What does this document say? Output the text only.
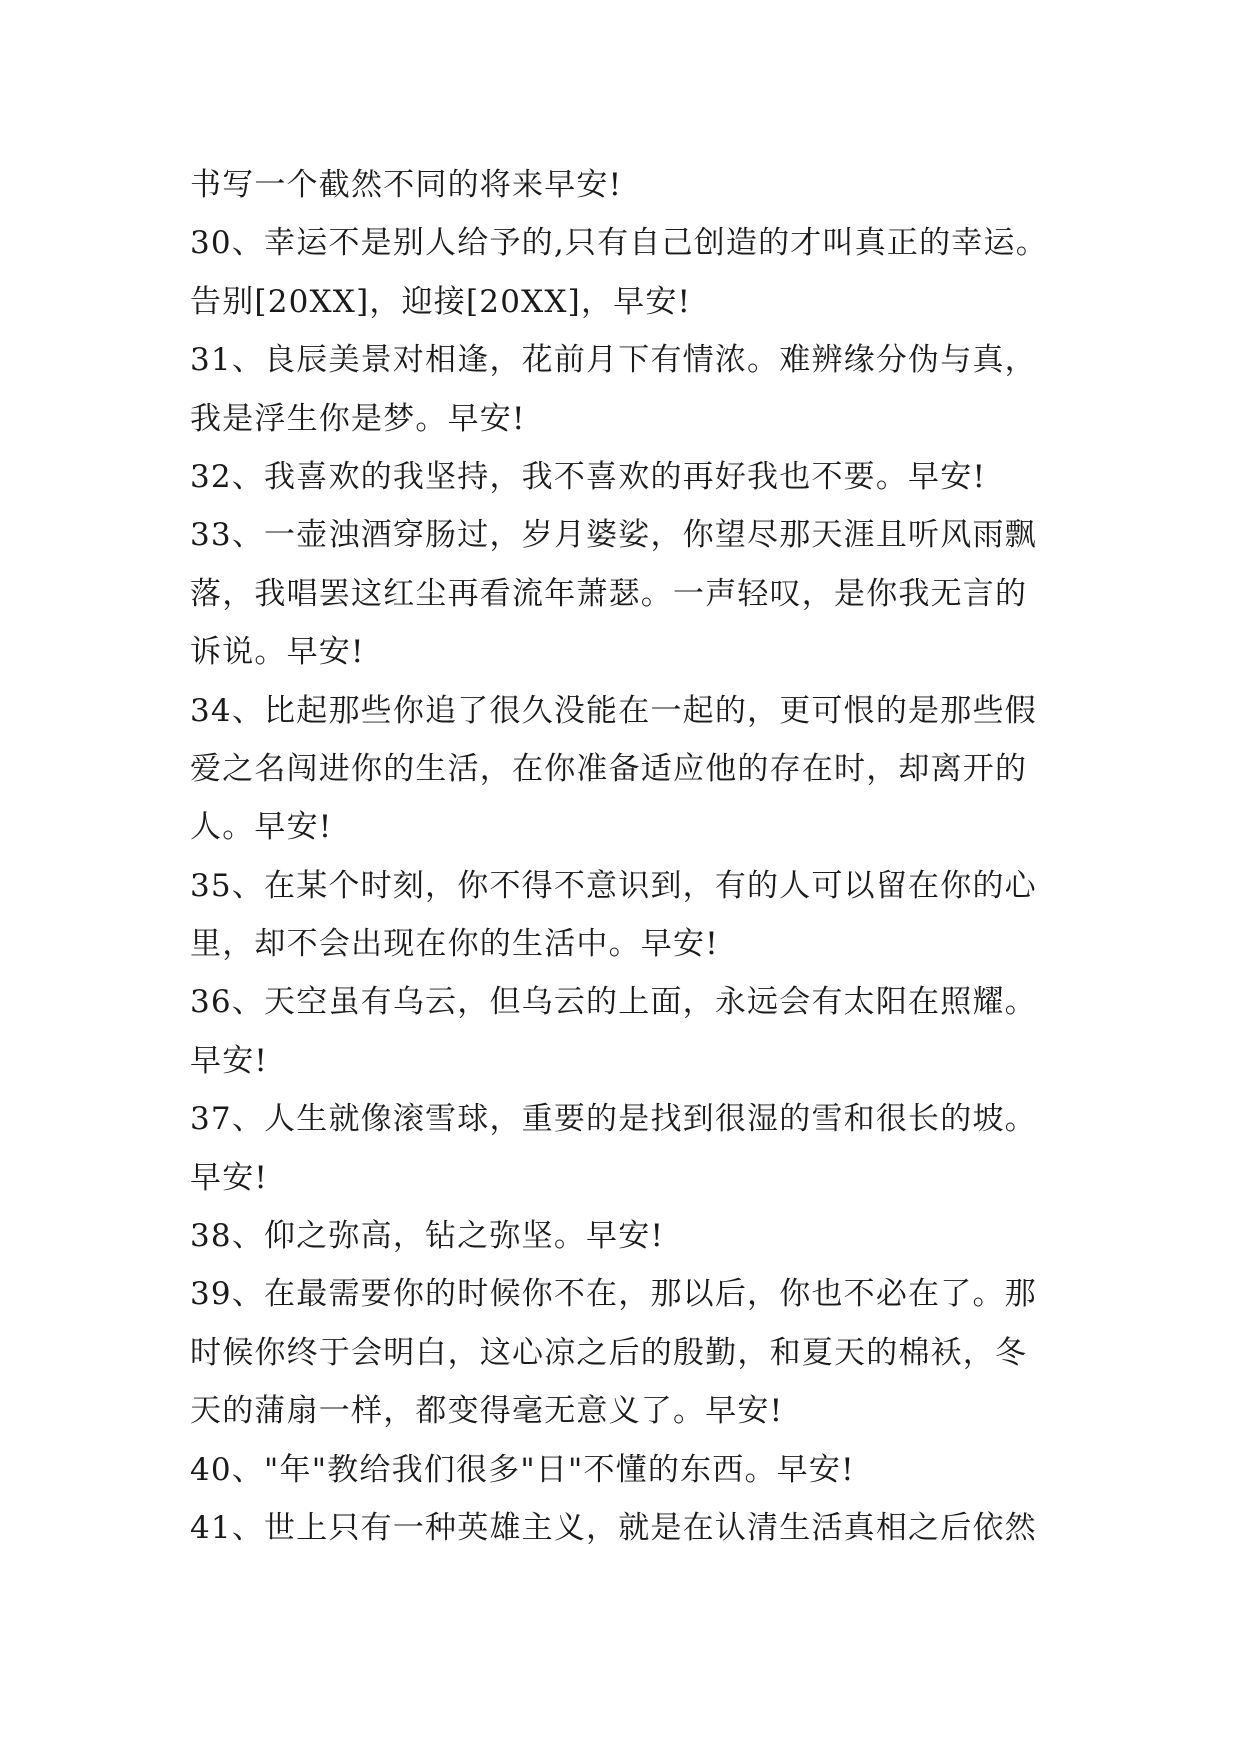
书写一个截然不同的将来早安!
30、幸运不是别人给予的,只有自己创造的才叫真正的幸运。
告别[20XX]，迎接[20XX]，早安!
31、良辰美景对相逢，花前月下有情浓。难辨缘分伪与真，
我是浮生你是梦。早安!
32、我喜欢的我坚持，我不喜欢的再好我也不要。早安!
33、一壶浊酒穿肠过，岁月婆娑，你望尽那天涯且听风雨飘
落，我唱罢这红尘再看流年萧瑟。一声轻叹，是你我无言的
诉说。早安!
34、比起那些你追了很久没能在一起的，更可恨的是那些假
爱之名闯进你的生活，在你准备适应他的存在时，却离开的
人。早安!
35、在某个时刻，你不得不意识到，有的人可以留在你的心
里，却不会出现在你的生活中。早安!
36、天空虽有乌云，但乌云的上面，永远会有太阳在照耀。
早安!
37、人生就像滚雪球，重要的是找到很湿的雪和很长的坡。
早安!
38、仰之弥高，钻之弥坚。早安!
39、在最需要你的时候你不在，那以后，你也不必在了。那
时候你终于会明白，这心凉之后的殷勤，和夏天的棉袄，冬
天的蒲扇一样，都变得毫无意义了。早安!
40、"年"教给我们很多"日"不懂的东西。早安!
41、世上只有一种英雄主义，就是在认清生活真相之后依然
